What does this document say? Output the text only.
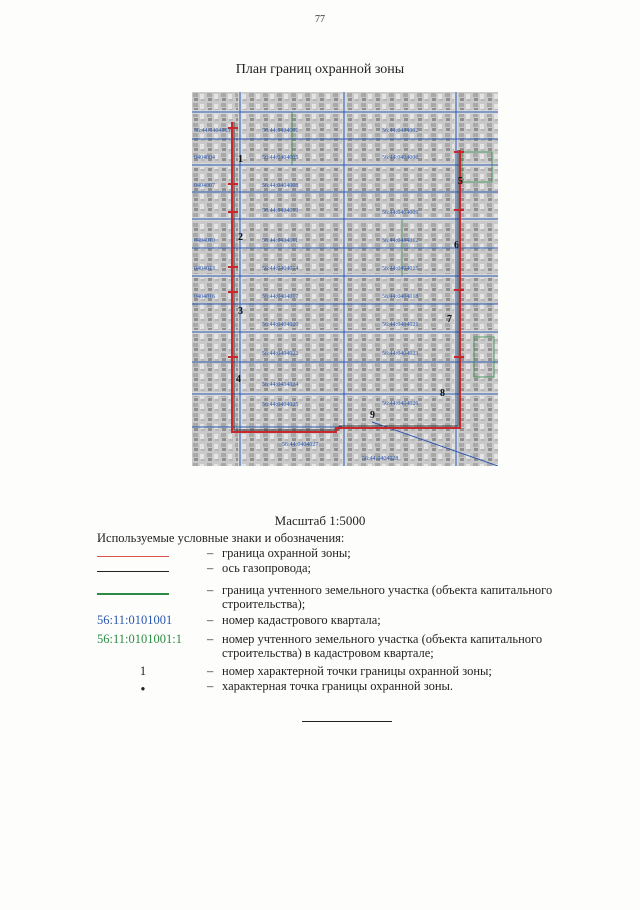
77
План границ охранной зоны
56:44:0404003	56:44:0404001	56:44:0404002
0404004	56:44:0404005	56:44:0404006
0404007	56:44:0404008
56:44:0404009
0404010	56:44:0404011	56:44:0404012
0404013	56:44:0404014	56:44:0404015
0404016	56:44:0404017	56:44:0404018
56:44:0404019
56:44:0404020	56:44:0404021
56:44:0404022	56:44:0404023
56:44:0404024
56:44:0404025	56:44:0404026
56:44:0404027
56:44:0404028
1
2
3
4
5
6
7
8
9
Масштаб 1:5000
Используемые условные знаки и обозначения:
– граница охранной зоны;
– ось газопровода;
– граница учтенного земельного участка (объекта капитального строительства);
56:11:0101001	– номер кадастрового квартала;
56:11:0101001:1	– номер учтенного земельного участка (объекта капитального строительства) в кадастровом квартале;
1	– номер характерной точки границы охранной зоны;
•	– характерная точка границы охранной зоны.
